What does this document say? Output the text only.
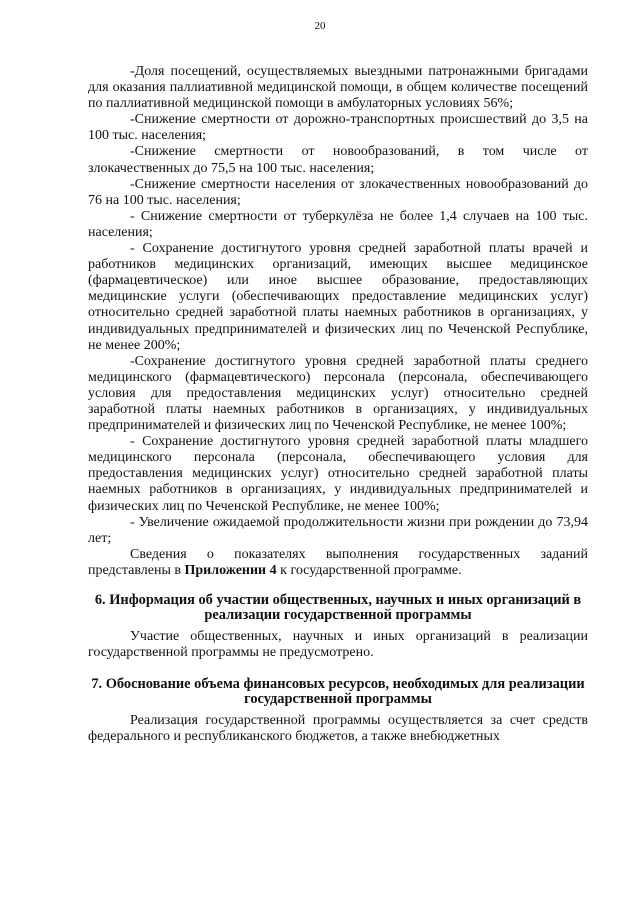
20

-Доля посещений, осуществляемых выездными патронажными бригадами для оказания паллиативной медицинской помощи, в общем количестве посещений по паллиативной медицинской помощи в амбулаторных условиях 56%;

-Снижение смертности от дорожно-транспортных происшествий до 3,5 на 100 тыс. населения;

-Снижение смертности от новообразований, в том числе от злокачественных до 75,5 на 100 тыс. населения;

-Снижение смертности населения от злокачественных новообразований до 76 на 100 тыс. населения;

- Снижение смертности от туберкулёза не более 1,4 случаев на 100 тыс. населения;

- Сохранение достигнутого уровня средней заработной платы врачей и работников медицинских организаций, имеющих высшее медицинское (фармацевтическое) или иное высшее образование, предоставляющих медицинские услуги (обеспечивающих предоставление медицинских услуг) относительно средней заработной платы наемных работников в организациях, у индивидуальных предпринимателей и физических лиц по Чеченской Республике, не менее 200%;

-Сохранение достигнутого уровня средней заработной платы среднего медицинского (фармацевтического) персонала (персонала, обеспечивающего условия для предоставления медицинских услуг) относительно средней заработной платы наемных работников в организациях, у индивидуальных предпринимателей и физических лиц по Чеченской Республике, не менее 100%;

- Сохранение достигнутого уровня средней заработной платы младшего медицинского персонала (персонала, обеспечивающего условия для предоставления медицинских услуг) относительно средней заработной платы наемных работников в организациях, у индивидуальных предпринимателей и физических лиц по Чеченской Республике, не менее 100%;

- Увеличение ожидаемой продолжительности жизни при рождении до 73,94 лет;

Сведения о показателях выполнения государственных заданий представлены в Приложении 4 к государственной программе.

6. Информация об участии общественных, научных и иных организаций в реализации государственной программы

Участие общественных, научных и иных организаций в реализации государственной программы не предусмотрено.

7. Обоснование объема финансовых ресурсов, необходимых для реализации государственной программы

Реализация государственной программы осуществляется за счет средств федерального и республиканского бюджетов, а также внебюджетных
